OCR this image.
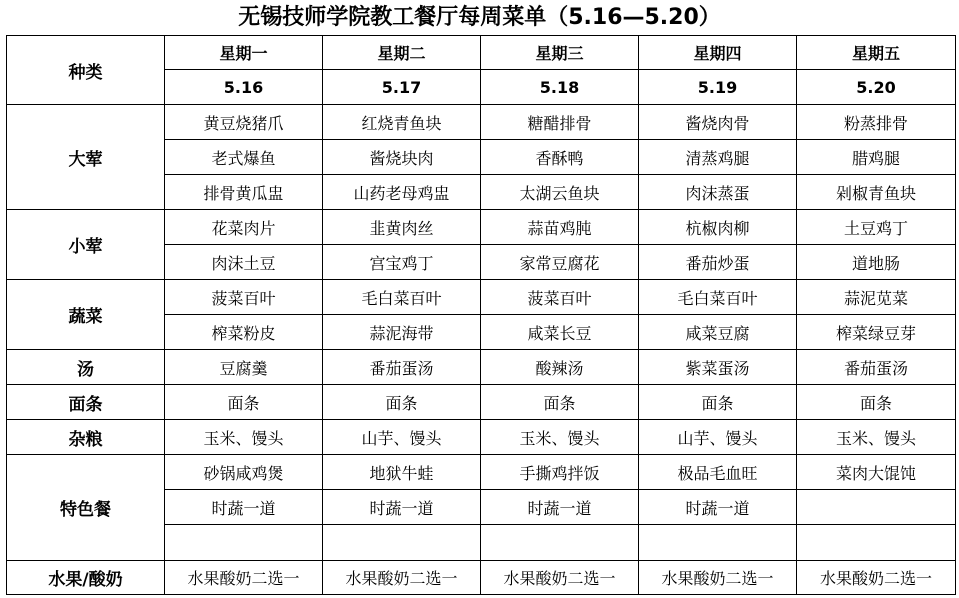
无锡技师学院教工餐厅每周菜单（5.16—5.20）
种类	星期一	星期二	星期三	星期四	星期五
	5.16	5.17	5.18	5.19	5.20
大荤	黄豆烧猪爪	红烧青鱼块	糖醋排骨	酱烧肉骨	粉蒸排骨
	老式爆鱼	酱烧块肉	香酥鸭	清蒸鸡腿	腊鸡腿
	排骨黄瓜盅	山药老母鸡盅	太湖云鱼块	肉沫蒸蛋	剁椒青鱼块
小荤	花菜肉片	韭黄肉丝	蒜苗鸡肫	杭椒肉柳	土豆鸡丁
	肉沫土豆	宫宝鸡丁	家常豆腐花	番茄炒蛋	道地肠
蔬菜	菠菜百叶	毛白菜百叶	菠菜百叶	毛白菜百叶	蒜泥苋菜
	榨菜粉皮	蒜泥海带	咸菜长豆	咸菜豆腐	榨菜绿豆芽
汤	豆腐羹	番茄蛋汤	酸辣汤	紫菜蛋汤	番茄蛋汤
面条	面条	面条	面条	面条	面条
杂粮	玉米、馒头	山芋、馒头	玉米、馒头	山芋、馒头	玉米、馒头
特色餐	砂锅咸鸡煲	地狱牛蛙	手撕鸡拌饭	极品毛血旺	菜肉大馄饨
	时蔬一道	时蔬一道	时蔬一道	时蔬一道	

水果/酸奶	水果酸奶二选一	水果酸奶二选一	水果酸奶二选一	水果酸奶二选一	水果酸奶二选一
